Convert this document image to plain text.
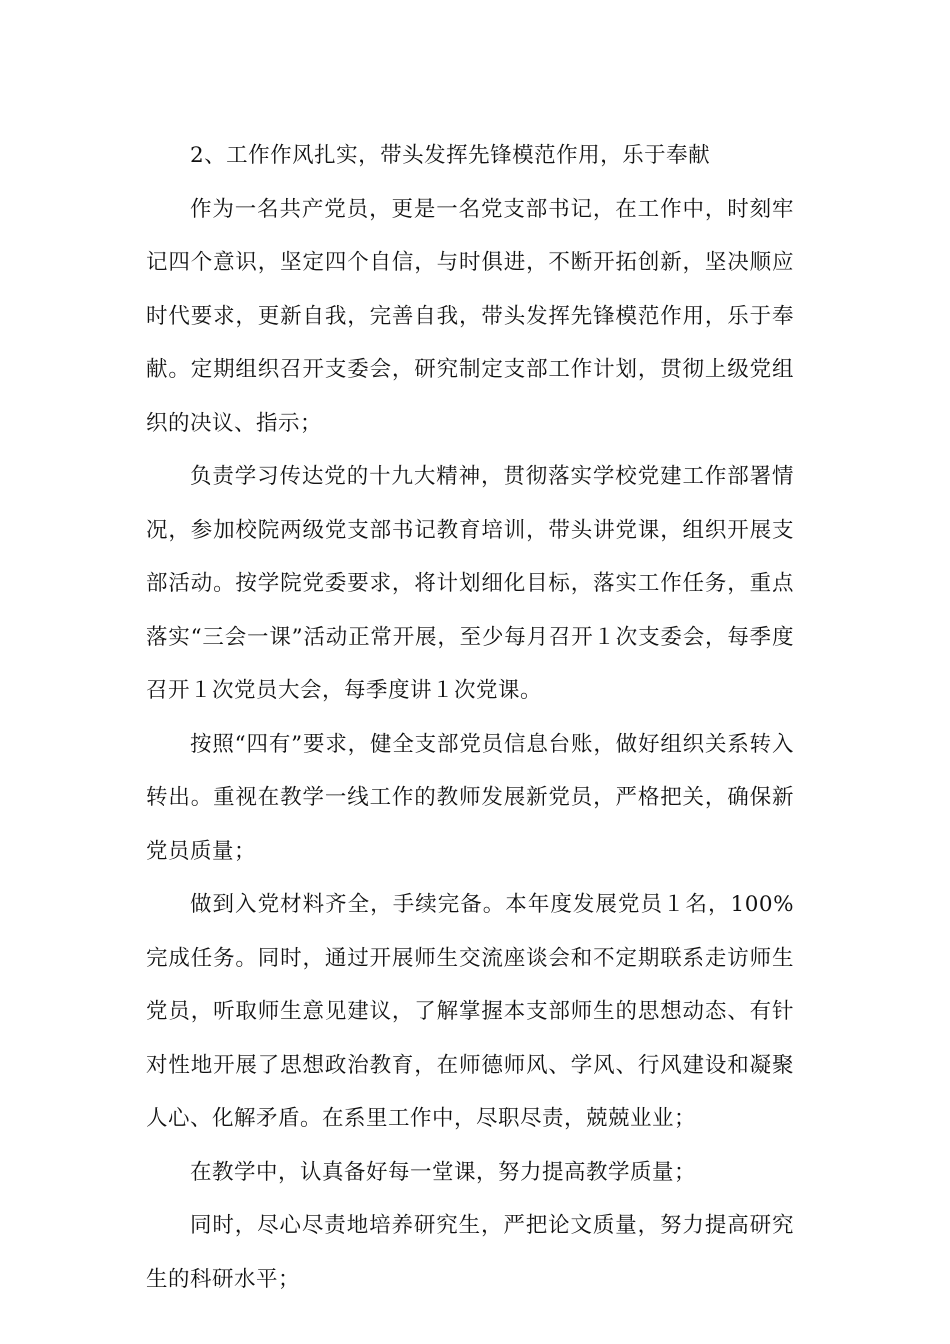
2、工作作风扎实，带头发挥先锋模范作用，乐于奉献

作为一名共产党员，更是一名党支部书记，在工作中，时刻牢记四个意识，坚定四个自信，与时俱进，不断开拓创新，坚决顺应时代要求，更新自我，完善自我，带头发挥先锋模范作用，乐于奉献。定期组织召开支委会，研究制定支部工作计划，贯彻上级党组织的决议、指示；

负责学习传达党的十九大精神，贯彻落实学校党建工作部署情况，参加校院两级党支部书记教育培训，带头讲党课，组织开展支部活动。按学院党委要求，将计划细化目标，落实工作任务，重点落实“三会一课”活动正常开展，至少每月召开１次支委会，每季度召开１次党员大会，每季度讲１次党课。

按照“四有”要求，健全支部党员信息台账，做好组织关系转入转出。重视在教学一线工作的教师发展新党员，严格把关，确保新党员质量；

做到入党材料齐全，手续完备。本年度发展党员１名，100%完成任务。同时，通过开展师生交流座谈会和不定期联系走访师生党员，听取师生意见建议，了解掌握本支部师生的思想动态、有针对性地开展了思想政治教育，在师德师风、学风、行风建设和凝聚人心、化解矛盾。在系里工作中，尽职尽责，兢兢业业；

在教学中，认真备好每一堂课，努力提高教学质量；

同时，尽心尽责地培养研究生，严把论文质量，努力提高研究生的科研水平；
